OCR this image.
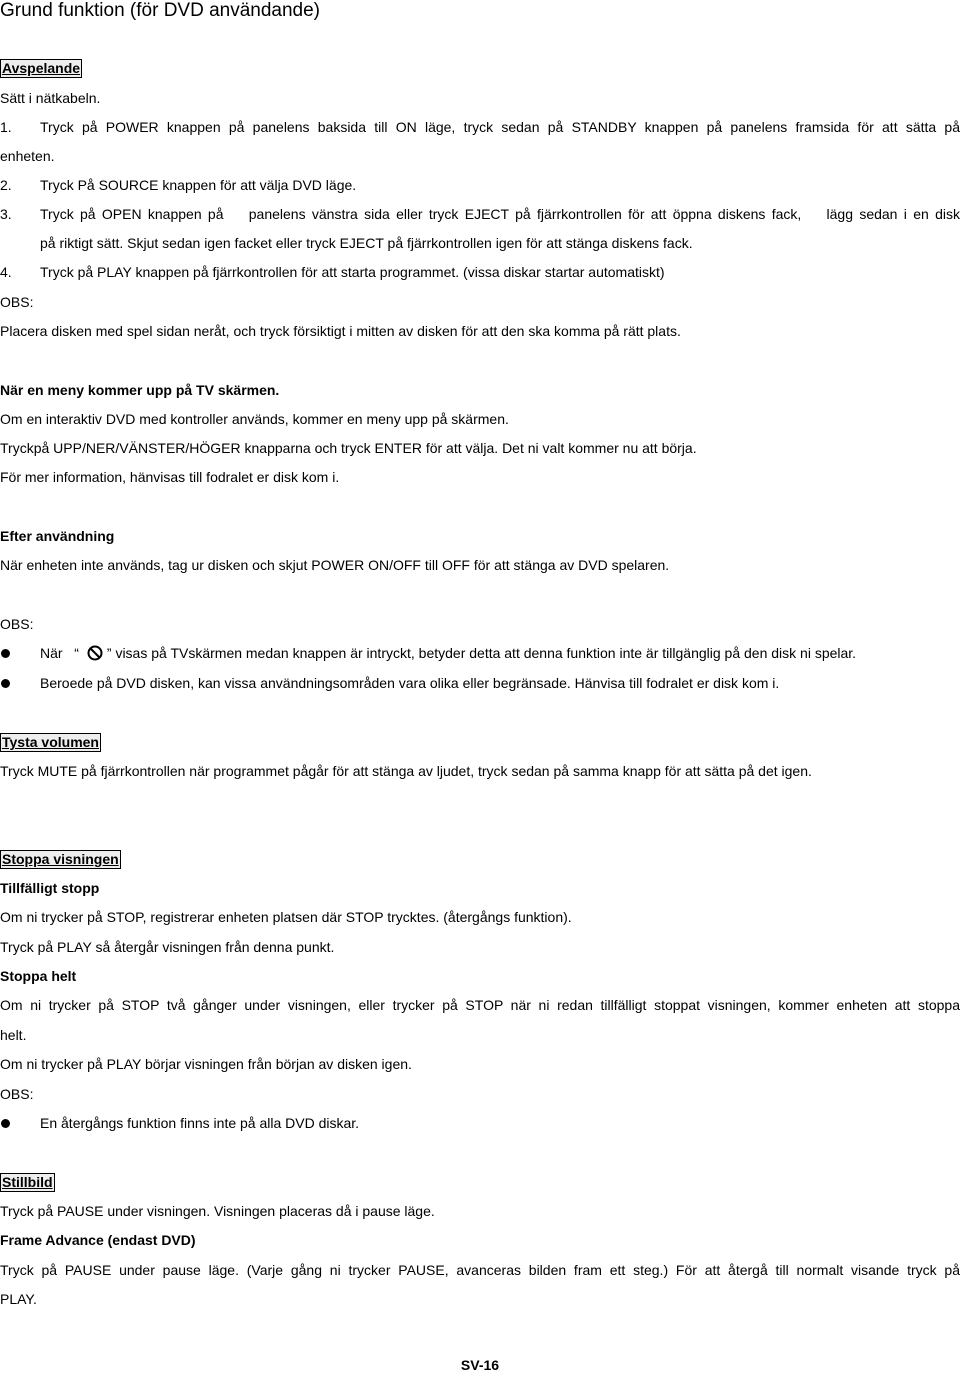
Grund funktion (för DVD användande)
Avspelande
Sätt i nätkabeln.
1. Tryck på POWER knappen på panelens baksida till ON läge, tryck sedan på STANDBY knappen på panelens framsida för att sätta på
enheten.
2. Tryck På SOURCE knappen för att välja DVD läge.
3. Tryck på OPEN knappen på    panelens vänstra sida eller tryck EJECT på fjärrkontrollen för att öppna diskens fack,    lägg sedan i en disk
på riktigt sätt. Skjut sedan igen facket eller tryck EJECT på fjärrkontrollen igen för att stänga diskens fack.
4. Tryck på PLAY knappen på fjärrkontrollen för att starta programmet. (vissa diskar startar automatiskt)
OBS:
Placera disken med spel sidan neråt, och tryck försiktigt i mitten av disken för att den ska komma på rätt plats.
När en meny kommer upp på TV skärmen.
Om en interaktiv DVD med kontroller används, kommer en meny upp på skärmen.
Tryckpå UPP/NER/VÄNSTER/HÖGER knapparna och tryck ENTER för att välja. Det ni valt kommer nu att börja.
För mer information, hänvisas till fodralet er disk kom i.
Efter användning
När enheten inte används, tag ur disken och skjut POWER ON/OFF till OFF för att stänga av DVD spelaren.
OBS:
När   “ ” visas på TVskärmen medan knappen är intryckt, betyder detta att denna funktion inte är tillgänglig på den disk ni spelar.
Beroede på DVD disken, kan vissa användningsområden vara olika eller begränsade. Hänvisa till fodralet er disk kom i.
Tysta volumen
Tryck MUTE på fjärrkontrollen när programmet pågår för att stänga av ljudet, tryck sedan på samma knapp för att sätta på det igen.
Stoppa visningen
Tillfälligt stopp
Om ni trycker på STOP, registrerar enheten platsen där STOP trycktes. (återgångs funktion).
Tryck på PLAY så återgår visningen från denna punkt.
Stoppa helt
Om ni trycker på STOP två gånger under visningen, eller trycker på STOP när ni redan tillfälligt stoppat visningen, kommer enheten att stoppa
helt.
Om ni trycker på PLAY börjar visningen från början av disken igen.
OBS:
En återgångs funktion finns inte på alla DVD diskar.
Stillbild
Tryck på PAUSE under visningen. Visningen placeras då i pause läge.
Frame Advance (endast DVD)
Tryck på PAUSE under pause läge. (Varje gång ni trycker PAUSE, avanceras bilden fram ett steg.) För att återgå till normalt visande tryck på
PLAY.
SV-16
